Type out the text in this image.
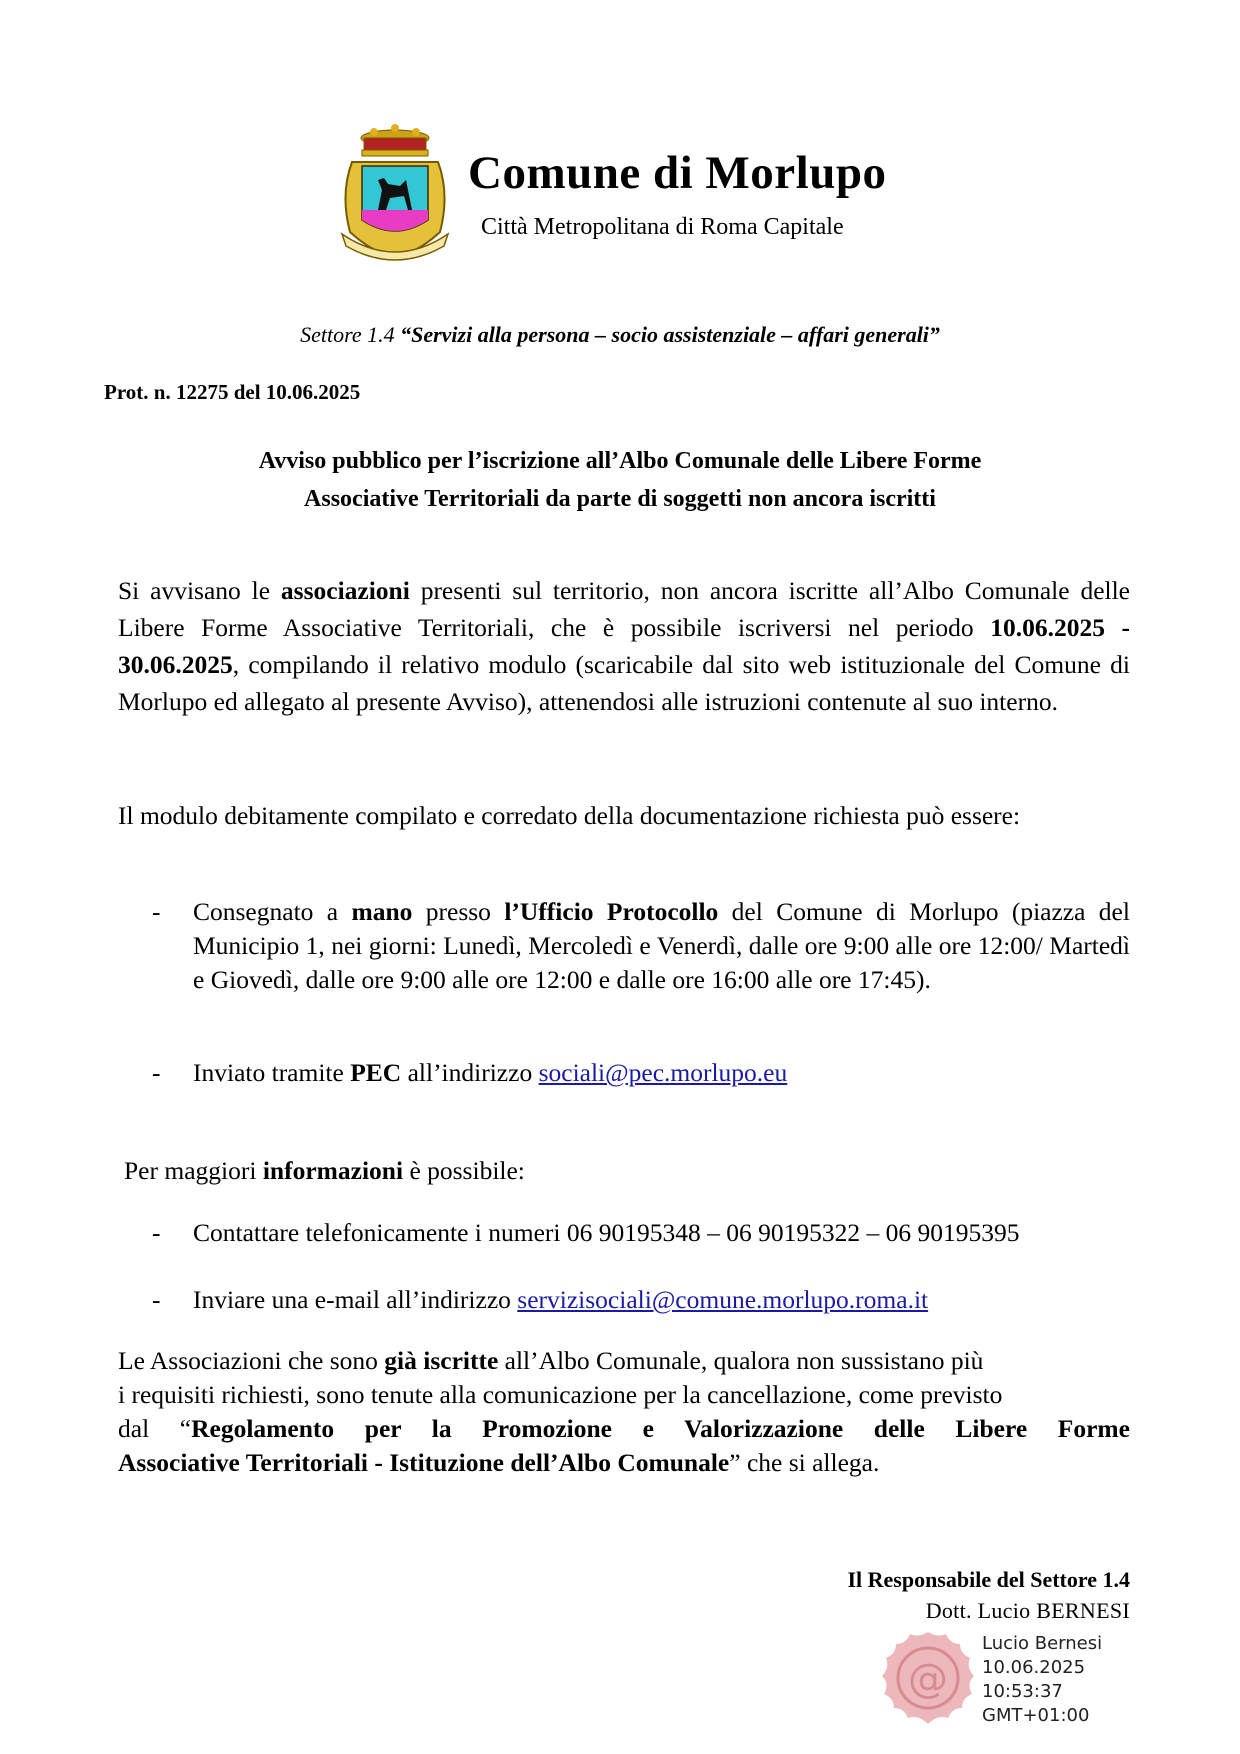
Comune di Morlupo
Città Metropolitana di Roma Capitale
Settore 1.4 “Servizi alla persona – socio assistenziale – affari generali”
Prot. n. 12275 del 10.06.2025
Avviso pubblico per l’iscrizione all’Albo Comunale delle Libere Forme
Associative Territoriali da parte di soggetti non ancora iscritti

Si avvisano le associazioni presenti sul territorio, non ancora iscritte all’Albo Comunale delle Libere Forme Associative Territoriali, che è possibile iscriversi nel periodo 10.06.2025 - 30.06.2025, compilando il relativo modulo (scaricabile dal sito web istituzionale del Comune di Morlupo ed allegato al presente Avviso), attenendosi alle istruzioni contenute al suo interno.

Il modulo debitamente compilato e corredato della documentazione richiesta può essere:

- Consegnato a mano presso l’Ufficio Protocollo del Comune di Morlupo (piazza del Municipio 1, nei giorni: Lunedì, Mercoledì e Venerdì, dalle ore 9:00 alle ore 12:00/ Martedì e Giovedì, dalle ore 9:00 alle ore 12:00 e dalle ore 16:00 alle ore 17:45).
- Inviato tramite PEC all’indirizzo sociali@pec.morlupo.eu
Per maggiori informazioni è possibile:
- Contattare telefonicamente i numeri 06 90195348 – 06 90195322 – 06 90195395
- Inviare una e-mail all’indirizzo servizisociali@comune.morlupo.roma.it
Le Associazioni che sono già iscritte all’Albo Comunale, qualora non sussistano più
i requisiti richiesti, sono tenute alla comunicazione per la cancellazione, come previsto
dal “Regolamento per la Promozione e Valorizzazione delle Libere Forme
Associative Territoriali - Istituzione dell’Albo Comunale” che si allega.
Il Responsabile del Settore 1.4
Dott. Lucio BERNESI
@
Lucio Bernesi
10.06.2025
10:53:37
GMT+01:00
